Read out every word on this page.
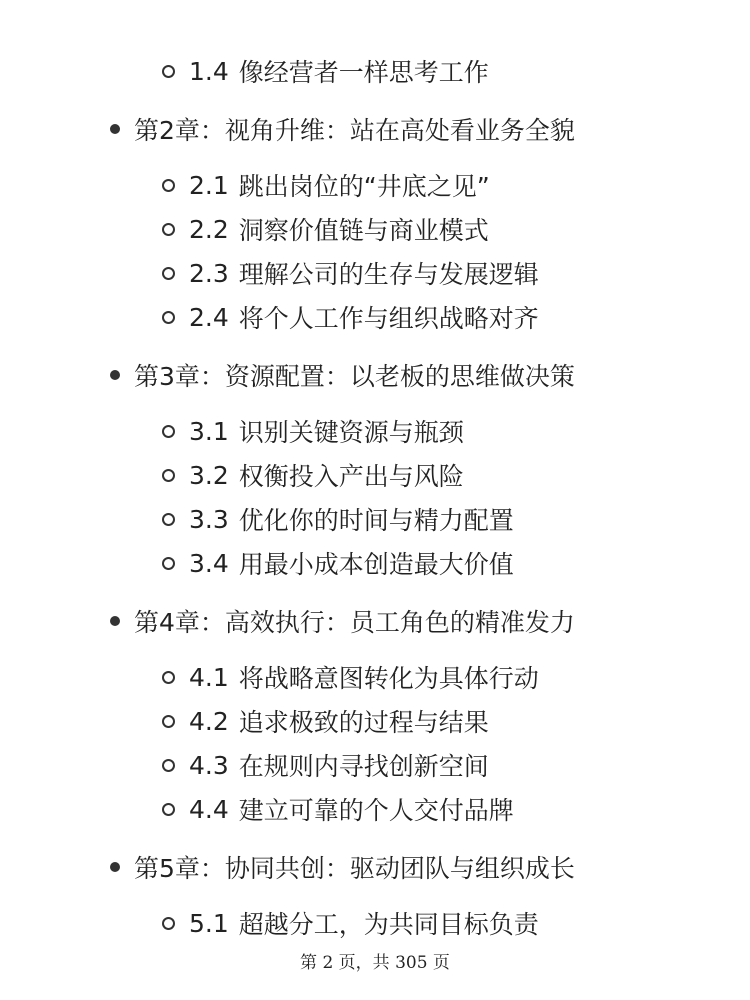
1.4 像经营者一样思考工作
第2章：视角升维：站在高处看业务全貌
2.1 跳出岗位的“井底之见”
2.2 洞察价值链与商业模式
2.3 理解公司的生存与发展逻辑
2.4 将个人工作与组织战略对齐
第3章：资源配置：以老板的思维做决策
3.1 识别关键资源与瓶颈
3.2 权衡投入产出与风险
3.3 优化你的时间与精力配置
3.4 用最小成本创造最大价值
第4章：高效执行：员工角色的精准发力
4.1 将战略意图转化为具体行动
4.2 追求极致的过程与结果
4.3 在规则内寻找创新空间
4.4 建立可靠的个人交付品牌
第5章：协同共创：驱动团队与组织成长
5.1 超越分工，为共同目标负责
第 2 页，共 305 页
